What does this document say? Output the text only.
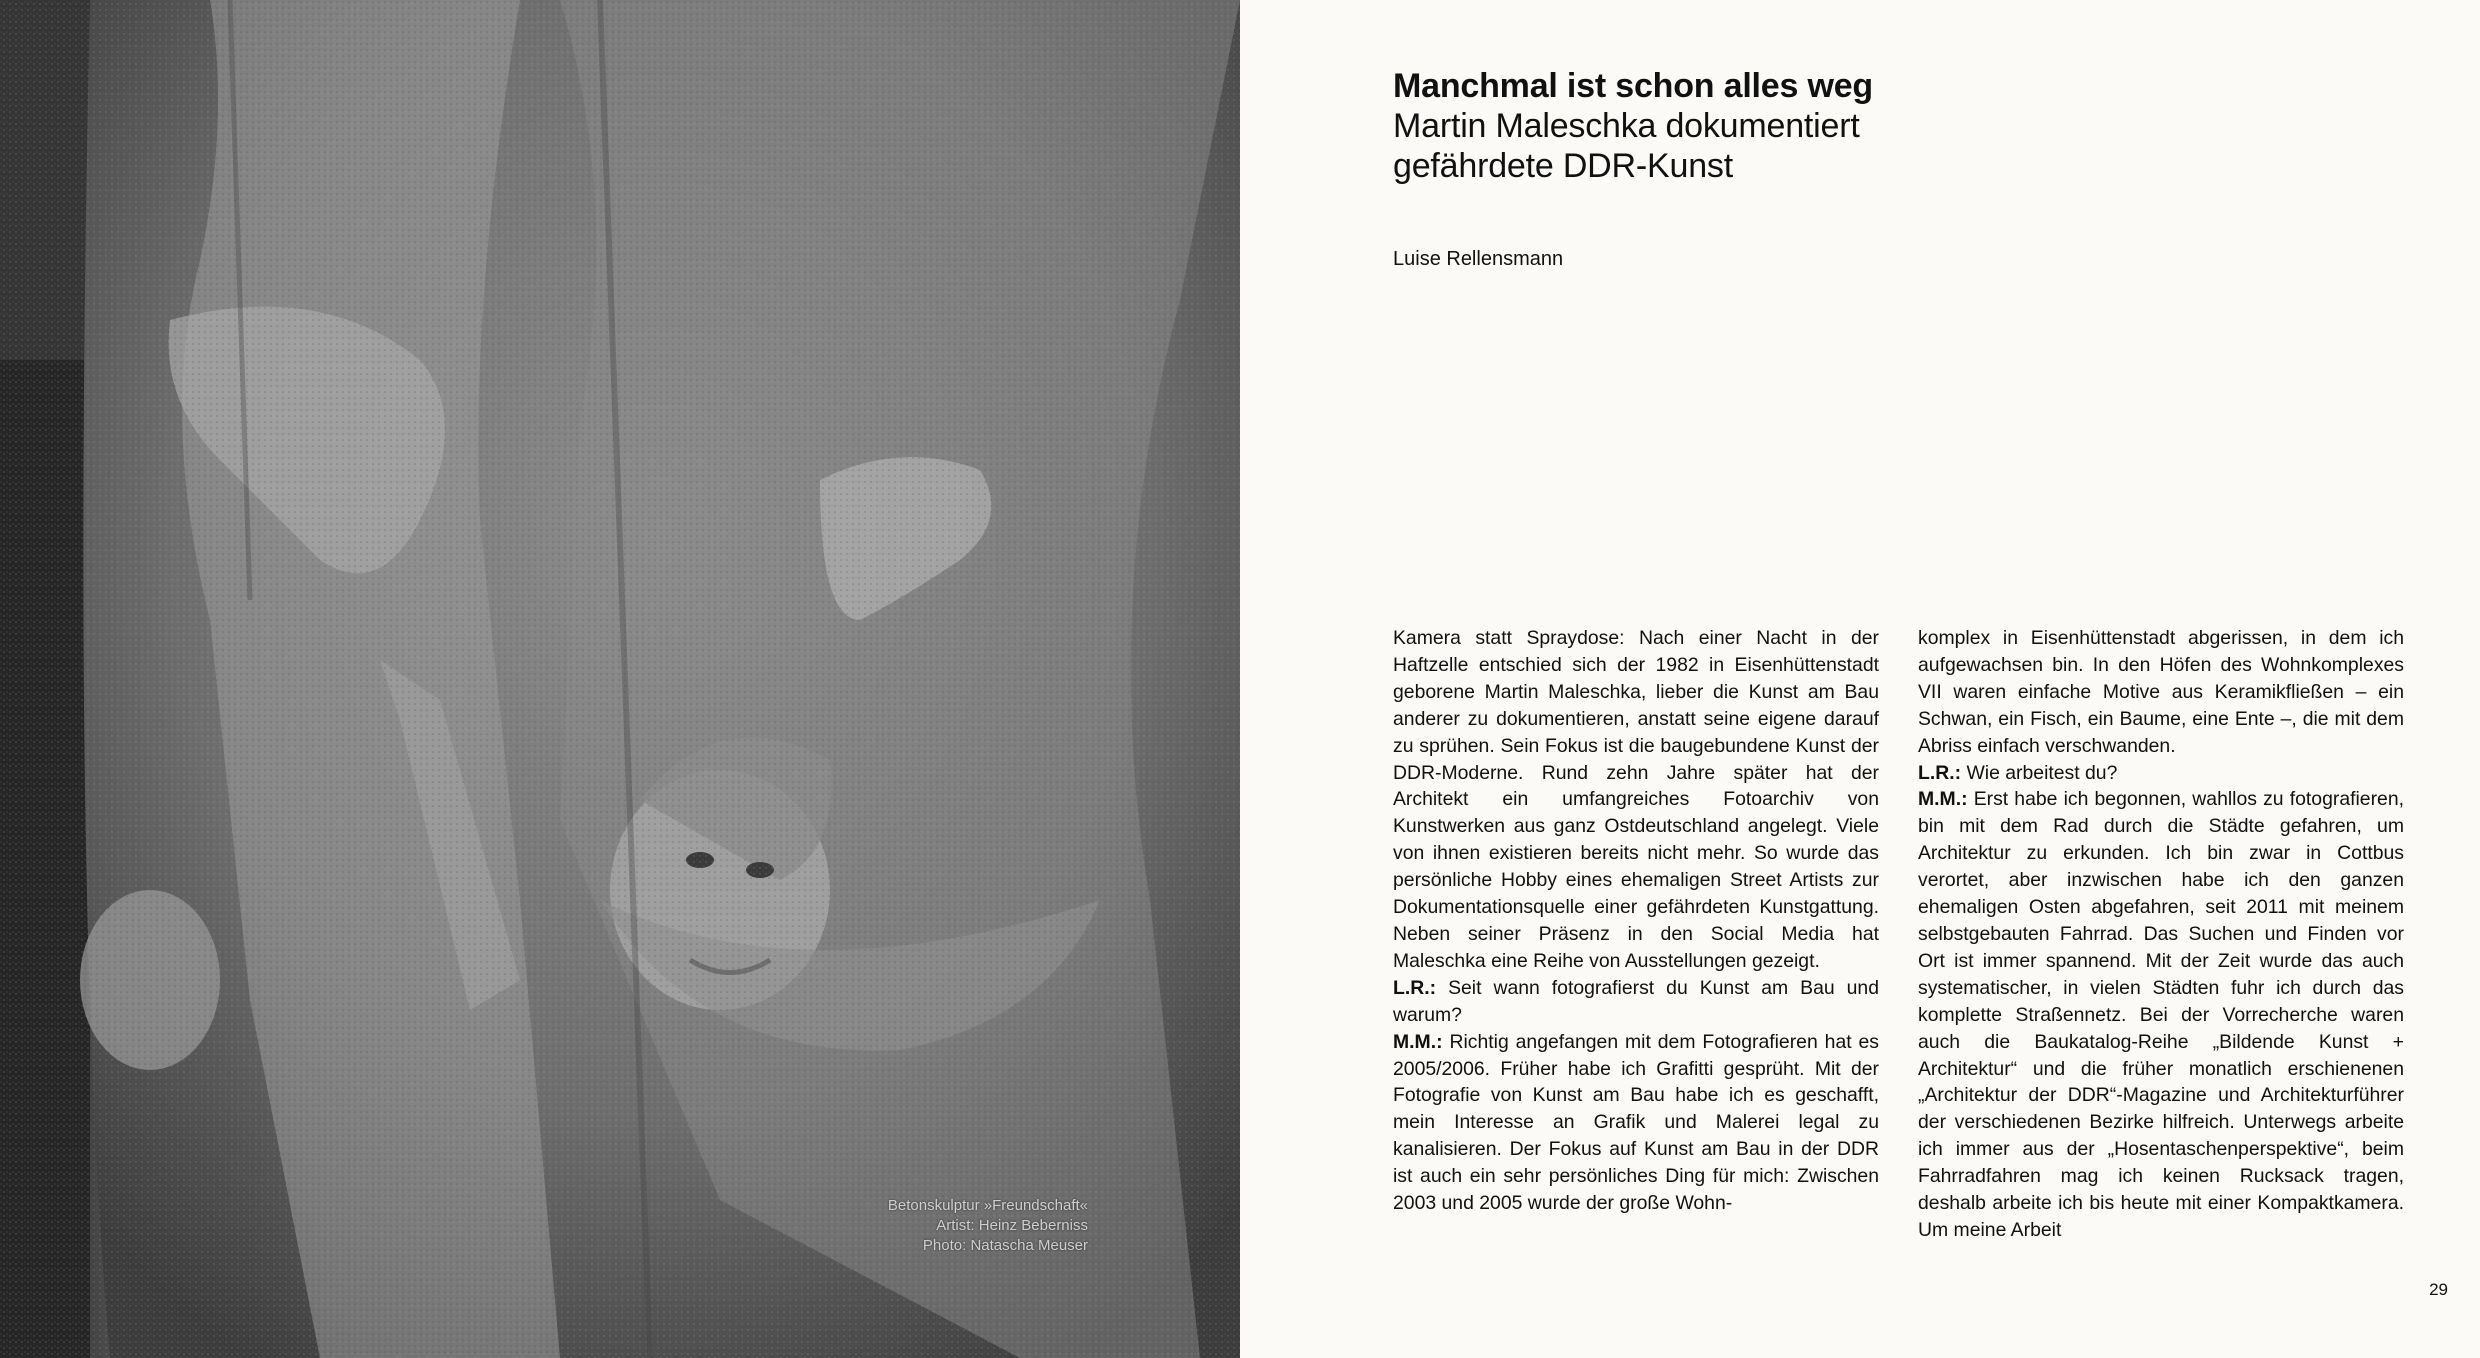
Betonskulptur »Freundschaft«
Artist: Heinz Beberniss
Photo: Natascha Meuser
Manchmal ist schon alles weg
Martin Maleschka dokumentiert
gefährdete DDR-Kunst
Luise Rellensmann

Kamera statt Spraydose: Nach einer Nacht in der Haftzelle entschied sich der 1982 in Eisenhüttenstadt geborene Martin Maleschka, lieber die Kunst am Bau anderer zu dokumentieren, anstatt seine eigene darauf zu sprühen. Sein Fokus ist die baugebundene Kunst der DDR-Moderne. Rund zehn Jahre später hat der Architekt ein umfangreiches Fotoarchiv von Kunstwerken aus ganz Ostdeutschland angelegt. Viele von ihnen existieren bereits nicht mehr. So wurde das persönliche Hobby eines ehemaligen Street Artists zur Dokumentationsquelle einer gefährdeten Kunstgattung. Neben seiner Präsenz in den Social Media hat Maleschka eine Reihe von Ausstellungen gezeigt.

L.R.: Seit wann fotografierst du Kunst am Bau und warum?

M.M.: Richtig angefangen mit dem Fotografieren hat es 2005/2006. Früher habe ich Grafitti gesprüht. Mit der Fotografie von Kunst am Bau habe ich es geschafft, mein Interesse an Grafik und Malerei legal zu kanalisieren. Der Fokus auf Kunst am Bau in der DDR ist auch ein sehr persönliches Ding für mich: Zwischen 2003 und 2005 wurde der große Wohn-

komplex in Eisenhüttenstadt abgerissen, in dem ich aufgewachsen bin. In den Höfen des Wohnkomplexes VII waren einfache Motive aus Keramikfließen – ein Schwan, ein Fisch, ein Baume, eine Ente –, die mit dem Abriss einfach verschwanden.

L.R.: Wie arbeitest du?

M.M.: Erst habe ich begonnen, wahllos zu fotografieren, bin mit dem Rad durch die Städte gefahren, um Architektur zu erkunden. Ich bin zwar in Cottbus verortet, aber inzwischen habe ich den ganzen ehemaligen Osten abgefahren, seit 2011 mit meinem selbstgebauten Fahrrad. Das Suchen und Finden vor Ort ist immer spannend. Mit der Zeit wurde das auch systematischer, in vielen Städten fuhr ich durch das komplette Straßennetz. Bei der Vorrecherche waren auch die Baukatalog-Reihe „Bildende Kunst + Architektur“ und die früher monatlich erschienenen „Architektur der DDR“-Magazine und Architekturführer der verschiedenen Bezirke hilfreich. Unterwegs arbeite ich immer aus der „Hosentaschenperspektive“, beim Fahrradfahren mag ich keinen Rucksack tragen, deshalb arbeite ich bis heute mit einer Kompaktkamera. Um meine Arbeit

29
